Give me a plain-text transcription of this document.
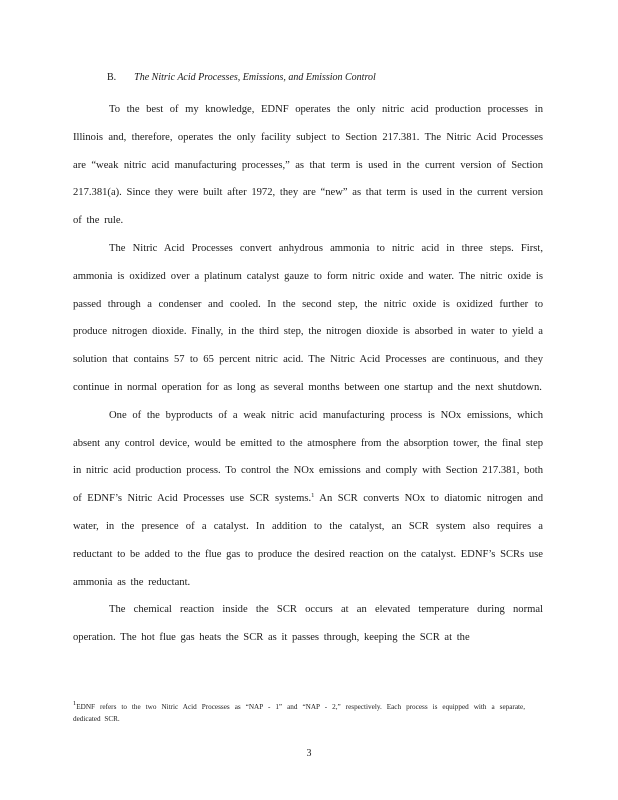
B. The Nitric Acid Processes, Emissions, and Emission Control

To the best of my knowledge, EDNF operates the only nitric acid production processes in Illinois and, therefore, operates the only facility subject to Section 217.381. The Nitric Acid Processes are “weak nitric acid manufacturing processes,” as that term is used in the current version of Section 217.381(a). Since they were built after 1972, they are “new” as that term is used in the current version of the rule.

The Nitric Acid Processes convert anhydrous ammonia to nitric acid in three steps. First, ammonia is oxidized over a platinum catalyst gauze to form nitric oxide and water. The nitric oxide is passed through a condenser and cooled. In the second step, the nitric oxide is oxidized further to produce nitrogen dioxide. Finally, in the third step, the nitrogen dioxide is absorbed in water to yield a solution that contains 57 to 65 percent nitric acid. The Nitric Acid Processes are continuous, and they continue in normal operation for as long as several months between one startup and the next shutdown.

One of the byproducts of a weak nitric acid manufacturing process is NOx emissions, which absent any control device, would be emitted to the atmosphere from the absorption tower, the final step in nitric acid production process. To control the NOx emissions and comply with Section 217.381, both of EDNF’s Nitric Acid Processes use SCR systems.$^1$ An SCR converts NOx to diatomic nitrogen and water, in the presence of a catalyst. In addition to the catalyst, an SCR system also requires a reductant to be added to the flue gas to produce the desired reaction on the catalyst. EDNF’s SCRs use ammonia as the reductant.

The chemical reaction inside the SCR occurs at an elevated temperature during normal operation. The hot flue gas heats the SCR as it passes through, keeping the SCR at the

$^1$EDNF refers to the two Nitric Acid Processes as “NAP - 1” and “NAP - 2,” respectively. Each process is equipped with a separate, dedicated SCR.
3
